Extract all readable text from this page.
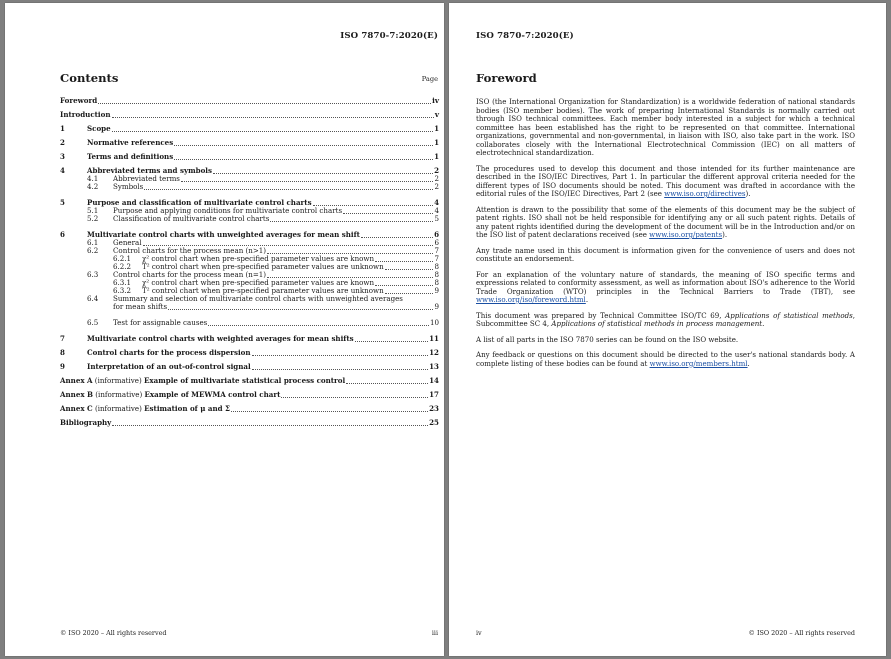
ISO 7870-7:2020(E)
Contents	Page
Foreword	iv
Introduction	v
1	Scope	1
2	Normative references	1
3	Terms and definitions	1
4	Abbreviated terms and symbols	2
4.1	Abbreviated terms	2
4.2	Symbols	2
5	Purpose and classification of multivariate control charts	4
5.1	Purpose and applying conditions for multivariate control charts	4
5.2	Classification of multivariate control charts	5
6	Multivariate control charts with unweighted averages for mean shift	6
6.1	General	6
6.2	Control charts for the process mean (n>1)	7
6.2.1	χ² control chart when pre-specified parameter values are known	7
6.2.2	T² control chart when pre-specified parameter values are unknown	8
6.3	Control charts for the process mean (n=1)	8
6.3.1	χ² control chart when pre-specified parameter values are known	8
6.3.2	T² control chart when pre-specified parameter values are unknown	9
6.4	Summary and selection of multivariate control charts with unweighted averages
for mean shifts	9
6.5	Test for assignable causes	10
7	Multivariate control charts with weighted averages for mean shifts	11
8	Control charts for the process dispersion	12
9	Interpretation of an out-of-control signal	13
Annex A (informative) Example of multivariate statistical process control	14
Annex B (informative) Example of MEWMA control chart	17
Annex C (informative) Estimation of μ and Σ	23
Bibliography	25
© ISO 2020 – All rights reserved	iii
ISO 7870-7:2020(E)
Foreword

ISO (the International Organization for Standardization) is a worldwide federation of national standards bodies (ISO member bodies). The work of preparing International Standards is normally carried out through ISO technical committees. Each member body interested in a subject for which a technical committee has been established has the right to be represented on that committee. International organizations, governmental and non-governmental, in liaison with ISO, also take part in the work. ISO collaborates closely with the International Electrotechnical Commission (IEC) on all matters of electrotechnical standardization.

The procedures used to develop this document and those intended for its further maintenance are described in the ISO/IEC Directives, Part 1. In particular the different approval criteria needed for the different types of ISO documents should be noted. This document was drafted in accordance with the editorial rules of the ISO/IEC Directives, Part 2 (see www.iso.org/directives).

Attention is drawn to the possibility that some of the elements of this document may be the subject of patent rights. ISO shall not be held responsible for identifying any or all such patent rights. Details of any patent rights identified during the development of the document will be in the Introduction and/or on the ISO list of patent declarations received (see www.iso.org/patents).

Any trade name used in this document is information given for the convenience of users and does not constitute an endorsement.

For an explanation of the voluntary nature of standards, the meaning of ISO specific terms and expressions related to conformity assessment, as well as information about ISO's adherence to the World Trade Organization (WTO) principles in the Technical Barriers to Trade (TBT), see www.iso.org/iso/foreword.html.

This document was prepared by Technical Committee ISO/TC 69, Applications of statistical methods, Subcommittee SC 4, Applications of statistical methods in process management.

A list of all parts in the ISO 7870 series can be found on the ISO website.

Any feedback or questions on this document should be directed to the user's national standards body. A complete listing of these bodies can be found at www.iso.org/members.html.

iv	© ISO 2020 – All rights reserved
